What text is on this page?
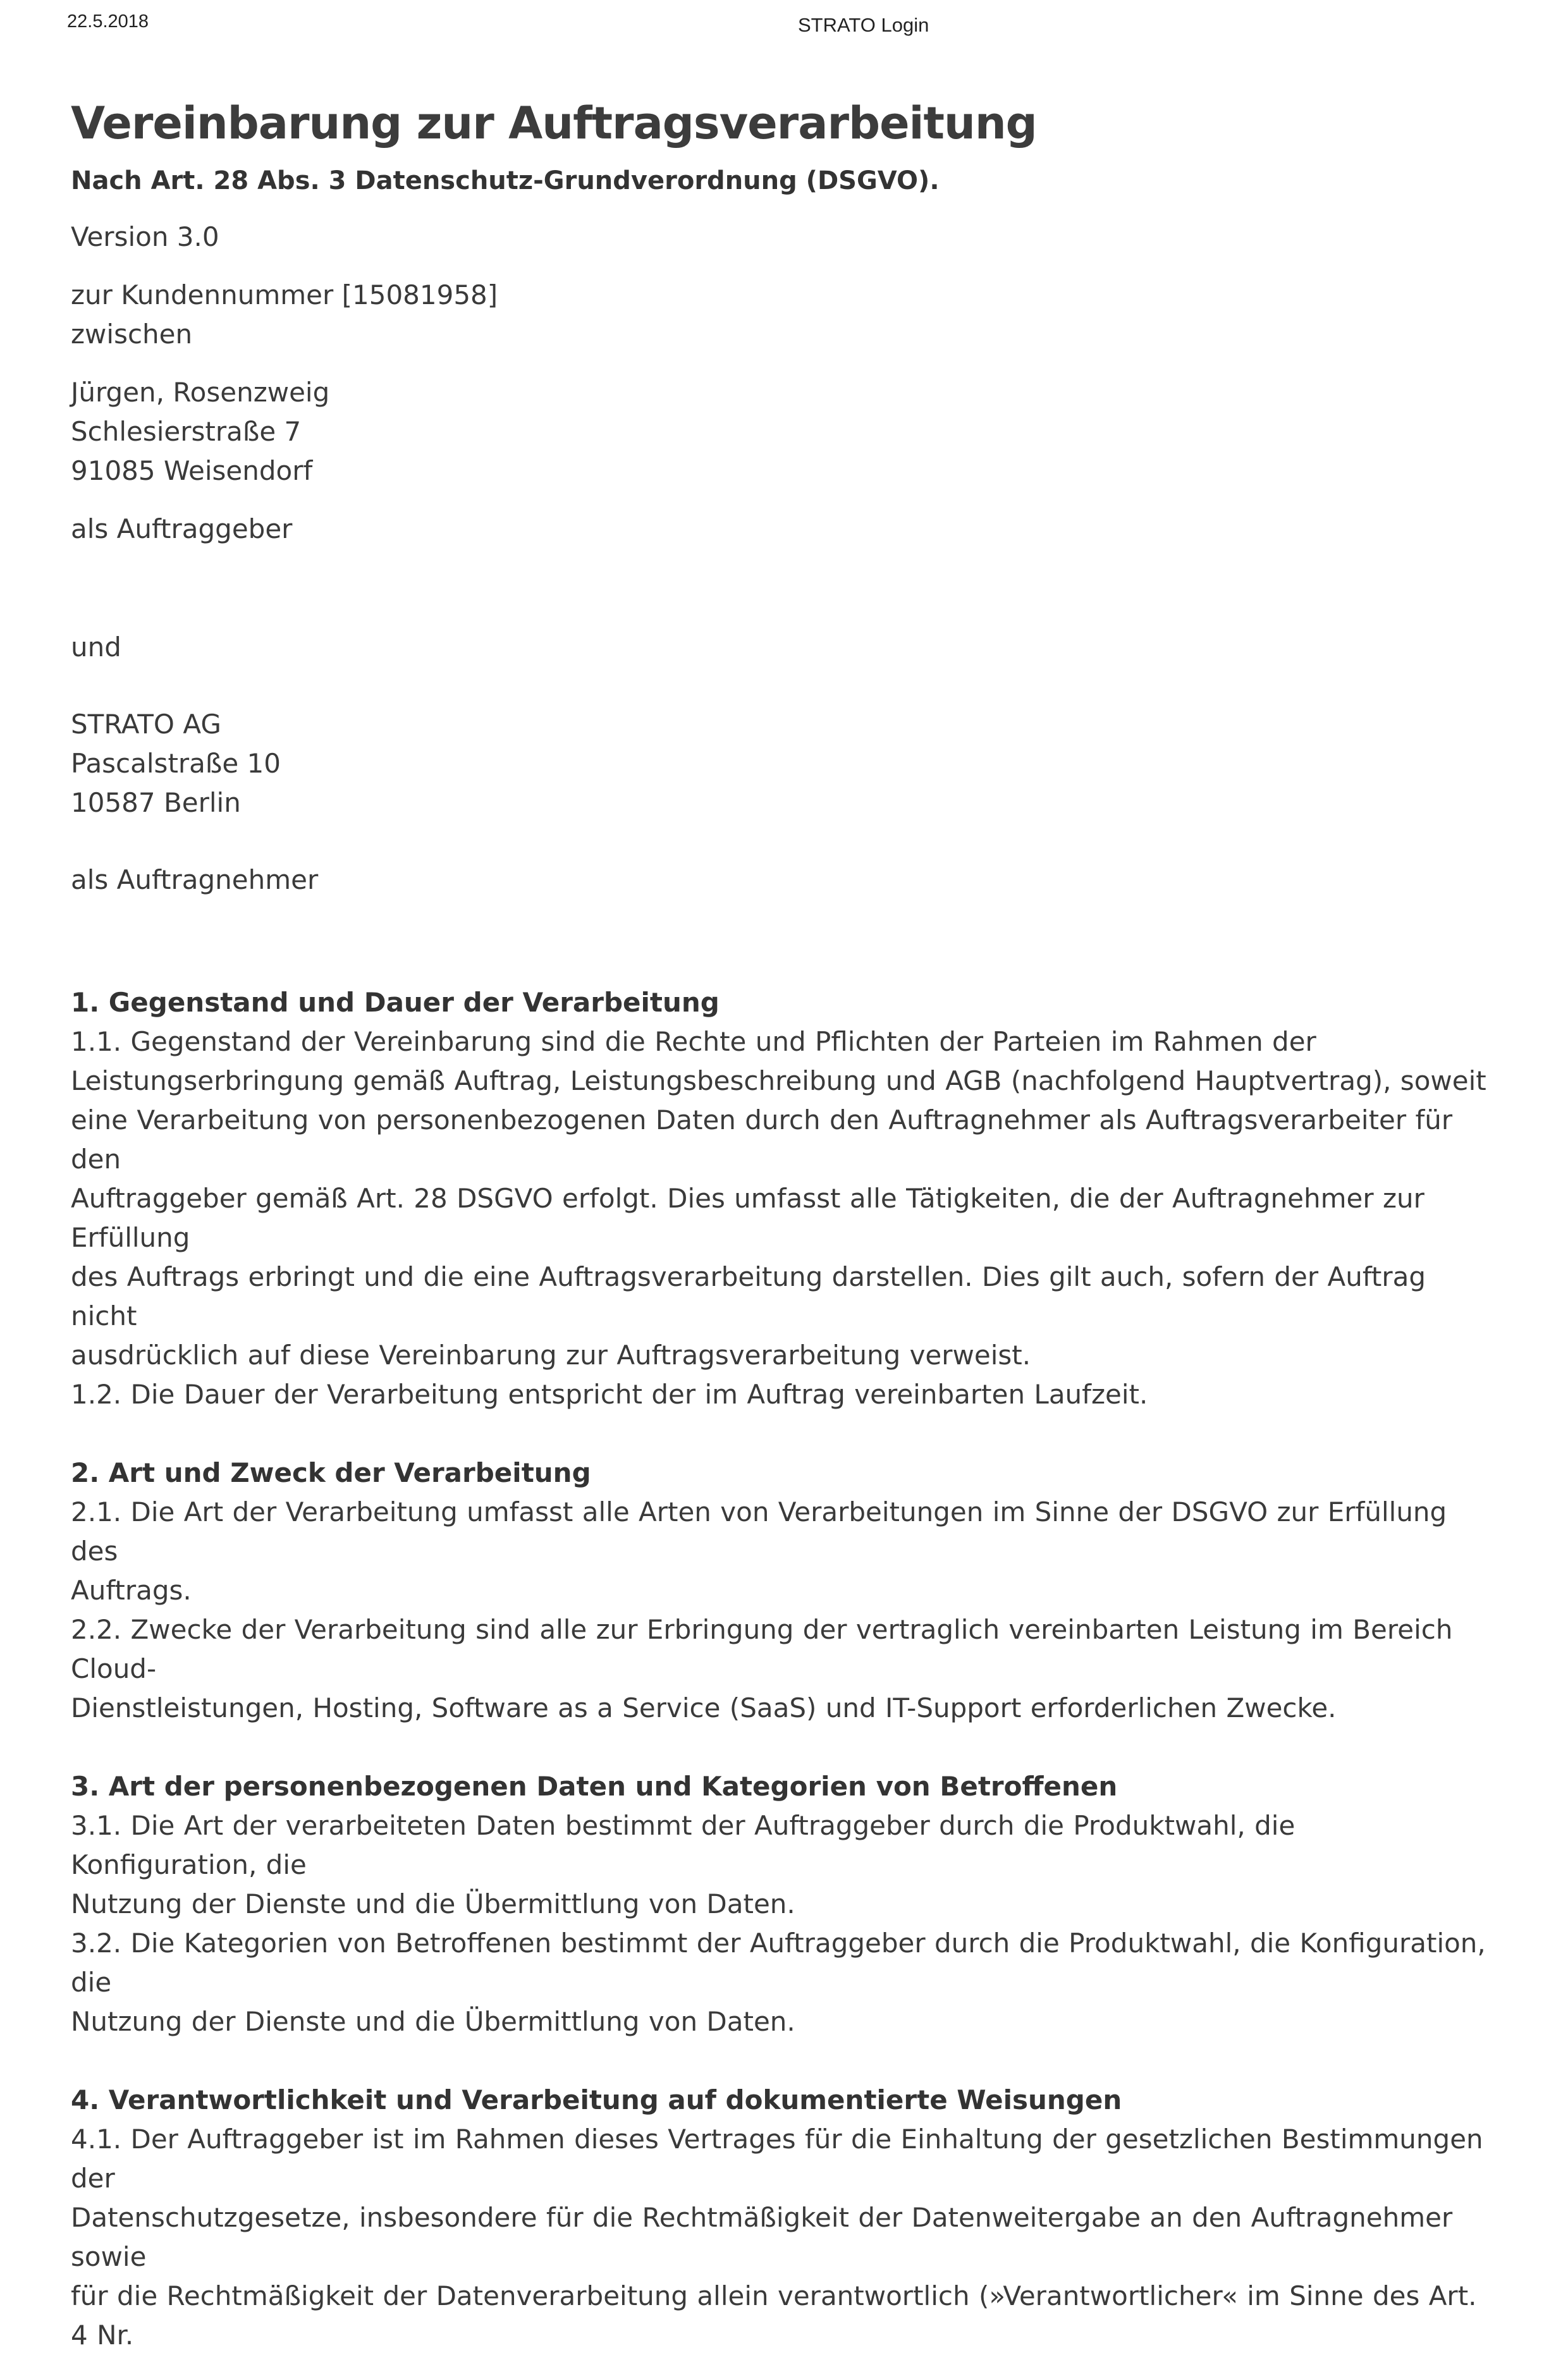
22.5.2018	STRATO Login
Vereinbarung zur Auftragsverarbeitung

Nach Art. 28 Abs. 3 Datenschutz-Grundverordnung (DSGVO).

Version 3.0

zur Kundennummer [15081958]

zwischen

Jürgen, Rosenzweig

Schlesierstraße 7

91085 Weisendorf

als Auftraggeber

und

STRATO AG

Pascalstraße 10

10587 Berlin

als Auftragnehmer

1. Gegenstand und Dauer der Verarbeitung

1.1. Gegenstand der Vereinbarung sind die Rechte und Pflichten der Parteien im Rahmen der

Leistungserbringung gemäß Auftrag, Leistungsbeschreibung und AGB (nachfolgend Hauptvertrag), soweit

eine Verarbeitung von personenbezogenen Daten durch den Auftragnehmer als Auftragsverarbeiter für den

Auftraggeber gemäß Art. 28 DSGVO erfolgt. Dies umfasst alle Tätigkeiten, die der Auftragnehmer zur Erfüllung

des Auftrags erbringt und die eine Auftragsverarbeitung darstellen. Dies gilt auch, sofern der Auftrag nicht

ausdrücklich auf diese Vereinbarung zur Auftragsverarbeitung verweist.

1.2. Die Dauer der Verarbeitung entspricht der im Auftrag vereinbarten Laufzeit.

2. Art und Zweck der Verarbeitung

2.1. Die Art der Verarbeitung umfasst alle Arten von Verarbeitungen im Sinne der DSGVO zur Erfüllung des

Auftrags.

2.2. Zwecke der Verarbeitung sind alle zur Erbringung der vertraglich vereinbarten Leistung im Bereich Cloud-

Dienstleistungen, Hosting, Software as a Service (SaaS) und IT-Support erforderlichen Zwecke.

3. Art der personenbezogenen Daten und Kategorien von Betroffenen

3.1. Die Art der verarbeiteten Daten bestimmt der Auftraggeber durch die Produktwahl, die Konfiguration, die

Nutzung der Dienste und die Übermittlung von Daten.

3.2. Die Kategorien von Betroffenen bestimmt der Auftraggeber durch die Produktwahl, die Konfiguration, die

Nutzung der Dienste und die Übermittlung von Daten.

4. Verantwortlichkeit und Verarbeitung auf dokumentierte Weisungen

4.1. Der Auftraggeber ist im Rahmen dieses Vertrages für die Einhaltung der gesetzlichen Bestimmungen der

Datenschutzgesetze, insbesondere für die Rechtmäßigkeit der Datenweitergabe an den Auftragnehmer sowie

für die Rechtmäßigkeit der Datenverarbeitung allein verantwortlich (»Verantwortlicher« im Sinne des Art. 4 Nr.
